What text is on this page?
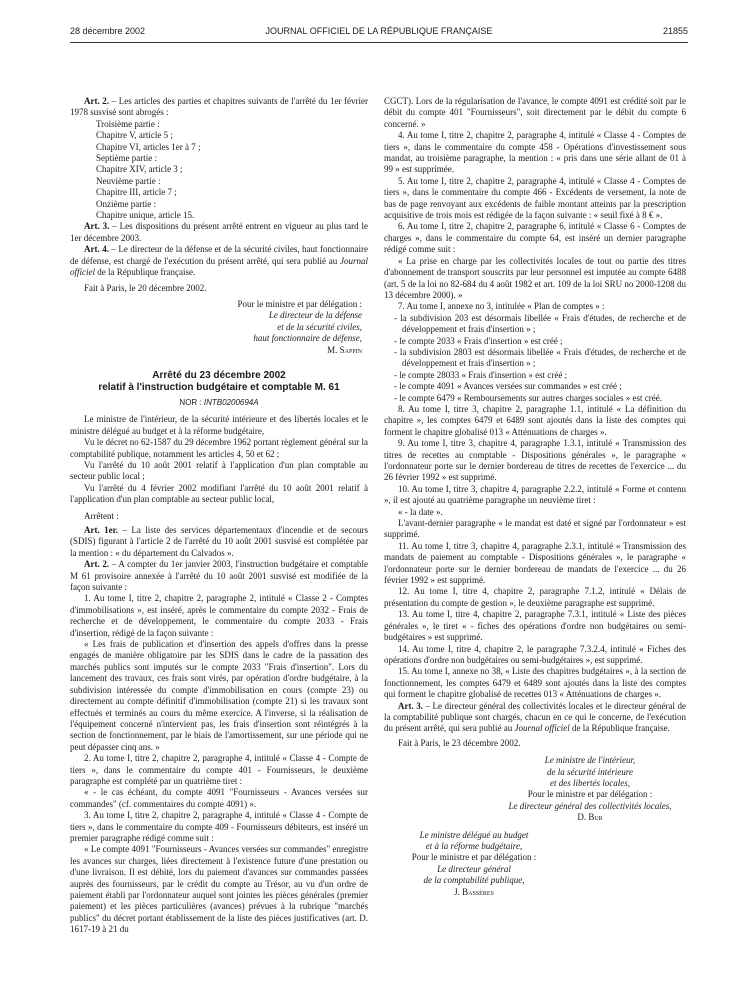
28 décembre 2002	JOURNAL OFFICIEL DE LA RÉPUBLIQUE FRANÇAISE	21855

Art. 2. – Les articles des parties et chapitres suivants de l'arrêté du 1er février 1978 susvisé sont abrogés :

Troisième partie :

Chapitre V, article 5 ;

Chapitre VI, articles 1er à 7 ;

Septième partie :

Chapitre XIV, article 3 ;

Neuvième partie :

Chapitre III, article 7 ;

Onzième partie :

Chapitre unique, article 15.

Art. 3. – Les dispositions du présent arrêté entrent en vigueur au plus tard le 1er décembre 2003.

Art. 4. – Le directeur de la défense et de la sécurité civiles, haut fonctionnaire de défense, est chargé de l'exécution du présent arrêté, qui sera publié au Journal officiel de la République française.

Fait à Paris, le 20 décembre 2002.

Pour le ministre et par délégation :
Le directeur de la défense
et de la sécurité civiles,
haut fonctionnaire de défense,
M. Sappin
Arrêté du 23 décembre 2002
relatif à l'instruction budgétaire et comptable M. 61
NOR : INTB0200694A

Le ministre de l'intérieur, de la sécurité intérieure et des libertés locales et le ministre délégué au budget et à la réforme budgétaire,

Vu le décret no 62-1587 du 29 décembre 1962 portant règlement général sur la comptabilité publique, notamment les articles 4, 50 et 62 ;

Vu l'arrêté du 10 août 2001 relatif à l'application d'un plan comptable au secteur public local ;

Vu l'arrêté du 4 février 2002 modifiant l'arrêté du 10 août 2001 relatif à l'application d'un plan comptable au secteur public local,

Arrêtent :

Art. 1er. – La liste des services départementaux d'incendie et de secours (SDIS) figurant à l'article 2 de l'arrêté du 10 août 2001 susvisé est complétée par la mention : « du département du Calvados ».

Art. 2. – A compter du 1er janvier 2003, l'instruction budgétaire et comptable M 61 provisoire annexée à l'arrêté du 10 août 2001 susvisé est modifiée de la façon suivante :

1. Au tome I, titre 2, chapitre 2, paragraphe 2, intitulé « Classe 2 - Comptes d'immobilisations », est inséré, après le commentaire du compte 2032 - Frais de recherche et de développement, le commentaire du compte 2033 - Frais d'insertion, rédigé de la façon suivante :

« Les frais de publication et d'insertion des appels d'offres dans la presse engagés de manière obligatoire par les SDIS dans le cadre de la passation des marchés publics sont imputés sur le compte 2033 "Frais d'insertion". Lors du lancement des travaux, ces frais sont virés, par opération d'ordre budgétaire, à la subdivision intéressée du compte d'immobilisation en cours (compte 23) ou directement au compte définitif d'immobilisation (compte 21) si les travaux sont effectués et terminés au cours du même exercice. A l'inverse, si la réalisation de l'équipement concerné n'intervient pas, les frais d'insertion sont réintégrés à la section de fonctionnement, par le biais de l'amortissement, sur une période qui ne peut dépasser cinq ans. »

2. Au tome I, titre 2, chapitre 2, paragraphe 4, intitulé « Classe 4 - Compte de tiers », dans le commentaire du compte 401 - Fournisseurs, le deuxième paragraphe est complété par un quatrième tiret :

« - le cas échéant, du compte 4091 "Fournisseurs - Avances versées sur commandes" (cf. commentaires du compte 4091) ».

3. Au tome I, titre 2, chapitre 2, paragraphe 4, intitulé « Classe 4 - Compte de tiers », dans le commentaire du compte 409 - Fournisseurs débiteurs, est inséré un premier paragraphe rédigé comme suit :

« Le compte 4091 "Fournisseurs - Avances versées sur commandes" enregistre les avances sur charges, liées directement à l'existence future d'une prestation ou d'une livraison. Il est débité, lors du paiement d'avances sur commandes passées auprès des fournisseurs, par le crédit du compte au Trésor, au vu d'un ordre de paiement établi par l'ordonnateur auquel sont jointes les pièces générales (premier paiement) et les pièces particulières (avances) prévues à la rubrique "marchés publics" du décret portant établissement de la liste des pièces justificatives (art. D. 1617-19 à 21 du

CGCT). Lors de la régularisation de l'avance, le compte 4091 est crédité soit par le débit du compte 401 "Fournisseurs", soit directement par le débit du compte 6 concerné. »

4. Au tome I, titre 2, chapitre 2, paragraphe 4, intitulé « Classe 4 - Comptes de tiers », dans le commentaire du compte 458 - Opérations d'investissement sous mandat, au troisième paragraphe, la mention : « pris dans une série allant de 01 à 99 » est supprimée.

5. Au tome I, titre 2, chapitre 2, paragraphe 4, intitulé « Classe 4 - Comptes de tiers », dans le commentaire du compte 466 - Excédents de versement, la note de bas de page renvoyant aux excédents de faible montant atteints par la prescription acquisitive de trois mois est rédigée de la façon suivante : « seuil fixé à 8 € ».

6. Au tome I, titre 2, chapitre 2, paragraphe 6, intitulé « Classe 6 - Comptes de charges », dans le commentaire du compte 64, est inséré un dernier paragraphe rédigé comme suit :

« La prise en charge par les collectivités locales de tout ou partie des titres d'abonnement de transport souscrits par leur personnel est imputée au compte 6488 (art. 5 de la loi no 82-684 du 4 août 1982 et art. 109 de la loi SRU no 2000-1208 du 13 décembre 2000). »

7. Au tome I, annexe no 3, intitulée « Plan de comptes » :

- la subdivision 203 est désormais libellée « Frais d'études, de recherche et de développement et frais d'insertion » ;

- le compte 2033 « Frais d'insertion » est créé ;

- la subdivision 2803 est désormais libellée « Frais d'études, de recherche et de développement et frais d'insertion » ;

- le compte 28033 « Frais d'insertion » est créé ;

- le compte 4091 « Avances versées sur commandes » est créé ;

- le compte 6479 « Remboursements sur autres charges sociales » est créé.

8. Au tome I, titre 3, chapitre 2, paragraphe 1.1, intitulé « La définition du chapitre », les comptes 6479 et 6489 sont ajoutés dans la liste des comptes qui forment le chapitre globalisé 013 « Atténuations de charges ».

9. Au tome I, titre 3, chapitre 4, paragraphe 1.3.1, intitulé « Transmission des titres de recettes au comptable - Dispositions générales », le paragraphe « l'ordonnateur porte sur le dernier bordereau de titres de recettes de l'exercice ... du 26 février 1992 » est supprimé.

10. Au tome I, titre 3, chapitre 4, paragraphe 2.2.2, intitulé « Forme et contenu », il est ajouté au quatrième paragraphe un neuvième tiret :

« - la date ».

L'avant-dernier paragraphe « le mandat est daté et signé par l'ordonnateur » est supprimé.

11. Au tome I, titre 3, chapitre 4, paragraphe 2.3.1, intitulé « Transmission des mandats de paiement au comptable - Dispositions générales », le paragraphe « l'ordonnateur porte sur le dernier bordereau de mandats de l'exercice ... du 26 février 1992 » est supprimé.

12. Au tome I, titre 4, chapitre 2, paragraphe 7.1.2, intitulé « Délais de présentation du compte de gestion », le deuxième paragraphe est supprimé.

13. Au tome I, titre 4, chapitre 2, paragraphe 7.3.1, intitulé « Liste des pièces générales », le tiret « - fiches des opérations d'ordre non budgétaires ou semi-budgétaires » est supprimé.

14. Au tome I, titre 4, chapitre 2, le paragraphe 7.3.2.4, intitulé « Fiches des opérations d'ordre non budgétaires ou semi-budgétaires », est supprimé.

15. Au tome I, annexe no 38, « Liste des chapitres budgétaires », à la section de fonctionnement, les comptes 6479 et 6489 sont ajoutés dans la liste des comptes qui forment le chapitre globalisé de recettes 013 « Atténuations de charges ».

Art. 3. – Le directeur général des collectivités locales et le directeur général de la comptabilité publique sont chargés, chacun en ce qui le concerne, de l'exécution du présent arrêté, qui sera publié au Journal officiel de la République française.

Fait à Paris, le 23 décembre 2002.

Le ministre de l'intérieur,
de la sécurité intérieure
et des libertés locales,
Pour le ministre et par délégation :
Le directeur général des collectivités locales,
D. Bur
Le ministre délégué au budget
et à la réforme budgétaire,
Pour le ministre et par délégation :
Le directeur général
de la comptabilité publique,
J. Bassères
